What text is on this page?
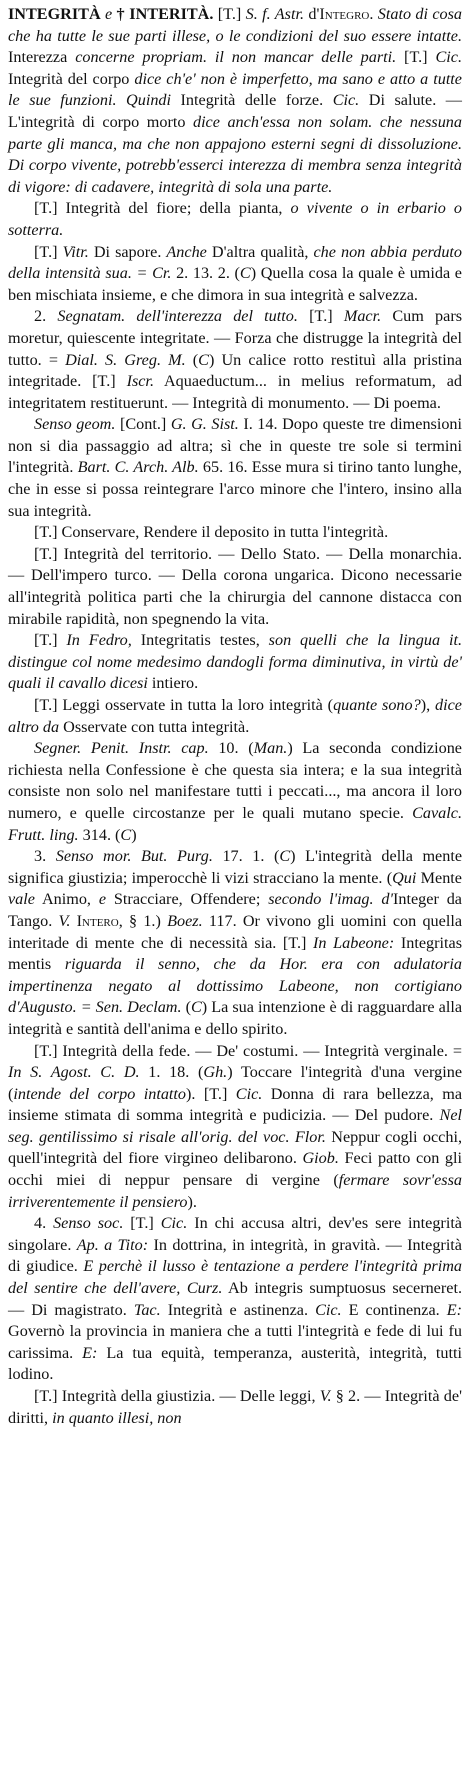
INTEGRITÀ e † INTERITÀ. [T.] S. f. Astr. d'Integro. Stato di cosa che ha tutte le sue parti illese, o le condizioni del suo essere intatte. Interezza concerne propriam. il non mancar delle parti. [T.] Cic. Integrità del corpo dice ch'e' non è imperfetto, ma sano e atto a tutte le sue funzioni. Quindi Integrità delle forze. Cic. Di salute. — L'integrità di corpo morto dice anch'essa non solam. che nessuna parte gli manca, ma che non appajono esterni segni di dissoluzione. Di corpo vivente, potrebb'esserci interezza di membra senza integrità di vigore: di cadavere, integrità di sola una parte.

[T.] Integrità del fiore; della pianta, o vivente o in erbario o sotterra.

[T.] Vitr. Di sapore. Anche D'altra qualità, che non abbia perduto della intensità sua. = Cr. 2. 13. 2. (C) Quella cosa la quale è umida e ben mischiata insieme, e che dimora in sua integrità e salvezza.

2. Segnatam. dell'interezza del tutto. [T.] Macr. Cum pars moretur, quiescente integritate. — Forza che distrugge la integrità del tutto. = Dial. S. Greg. M. (C) Un calice rotto restituì alla pristina integritade. [T.] Iscr. Aquaeductum... in melius reformatum, ad integritatem restituerunt. — Integrità di monumento. — Di poema.

Senso geom. [Cont.] G. G. Sist. I. 14. Dopo queste tre dimensioni non si dia passaggio ad altra; sì che in queste tre sole si termini l'integrità. Bart. C. Arch. Alb. 65. 16. Esse mura si tirino tanto lunghe, che in esse si possa reintegrare l'arco minore che l'intero, insino alla sua integrità.

[T.] Conservare, Rendere il deposito in tutta l'integrità.

[T.] Integrità del territorio. — Dello Stato. — Della monarchia. — Dell'impero turco. — Della corona ungarica. Dicono necessarie all'integrità politica parti che la chirurgia del cannone distacca con mirabile rapidità, non spegnendo la vita.

[T.] In Fedro, Integritatis testes, son quelli che la lingua it. distingue col nome medesimo dandogli forma diminutiva, in virtù de' quali il cavallo dicesi intiero.

[T.] Leggi osservate in tutta la loro integrità (quante sono?), dice altro da Osservate con tutta integrità.

Segner. Penit. Instr. cap. 10. (Man.) La seconda condizione richiesta nella Confessione è che questa sia intera; e la sua integrità consiste non solo nel manifestare tutti i peccati..., ma ancora il loro numero, e quelle circostanze per le quali mutano specie. Cavalc. Frutt. ling. 314. (C)

3. Senso mor. But. Purg. 17. 1. (C) L'integrità della mente significa giustizia; imperocchè li vizi stracciano la mente. (Qui Mente vale Animo, e Stracciare, Offendere; secondo l'imag. d'Integer da Tango. V. Intero, § 1.) Boez. 117. Or vivono gli uomini con quella interitade di mente che di necessità sia. [T.] In Labeone: Integritas mentis riguarda il senno, che da Hor. era con adulatoria impertinenza negato al dottissimo Labeone, non cortigiano d'Augusto. = Sen. Declam. (C) La sua intenzione è di ragguardare alla integrità e santità dell'anima e dello spirito.

[T.] Integrità della fede. — De' costumi. — Integrità verginale. = In S. Agost. C. D. 1. 18. (Gh.) Toccare l'integrità d'una vergine (intende del corpo intatto). [T.] Cic. Donna di rara bellezza, ma insieme stimata di somma integrità e pudicizia. — Del pudore. Nel seg. gentilissimo si risale all'orig. del voc. Flor. Neppur cogli occhi, quell'integrità del fiore virgineo delibarono. Giob. Feci patto con gli occhi miei di neppur pensare di vergine (fermare sovr'essa irriverentemente il pensiero).

4. Senso soc. [T.] Cic. In chi accusa altri, dev'es sere integrità singolare. Ap. a Tito: In dottrina, in integrità, in gravità. — Integrità di giudice. E perchè il lusso è tentazione a perdere l'integrità prima del sentire che dell'avere, Curz. Ab integris sumptuosus secerneret. — Di magistrato. Tac. Integrità e astinenza. Cic. E continenza. E: Governò la provincia in maniera che a tutti l'integrità e fede di lui fu carissima. E: La tua equità, temperanza, austerità, integrità, tutti lodino.

[T.] Integrità della giustizia. — Delle leggi, V. § 2. — Integrità de' diritti, in quanto illesi, non
